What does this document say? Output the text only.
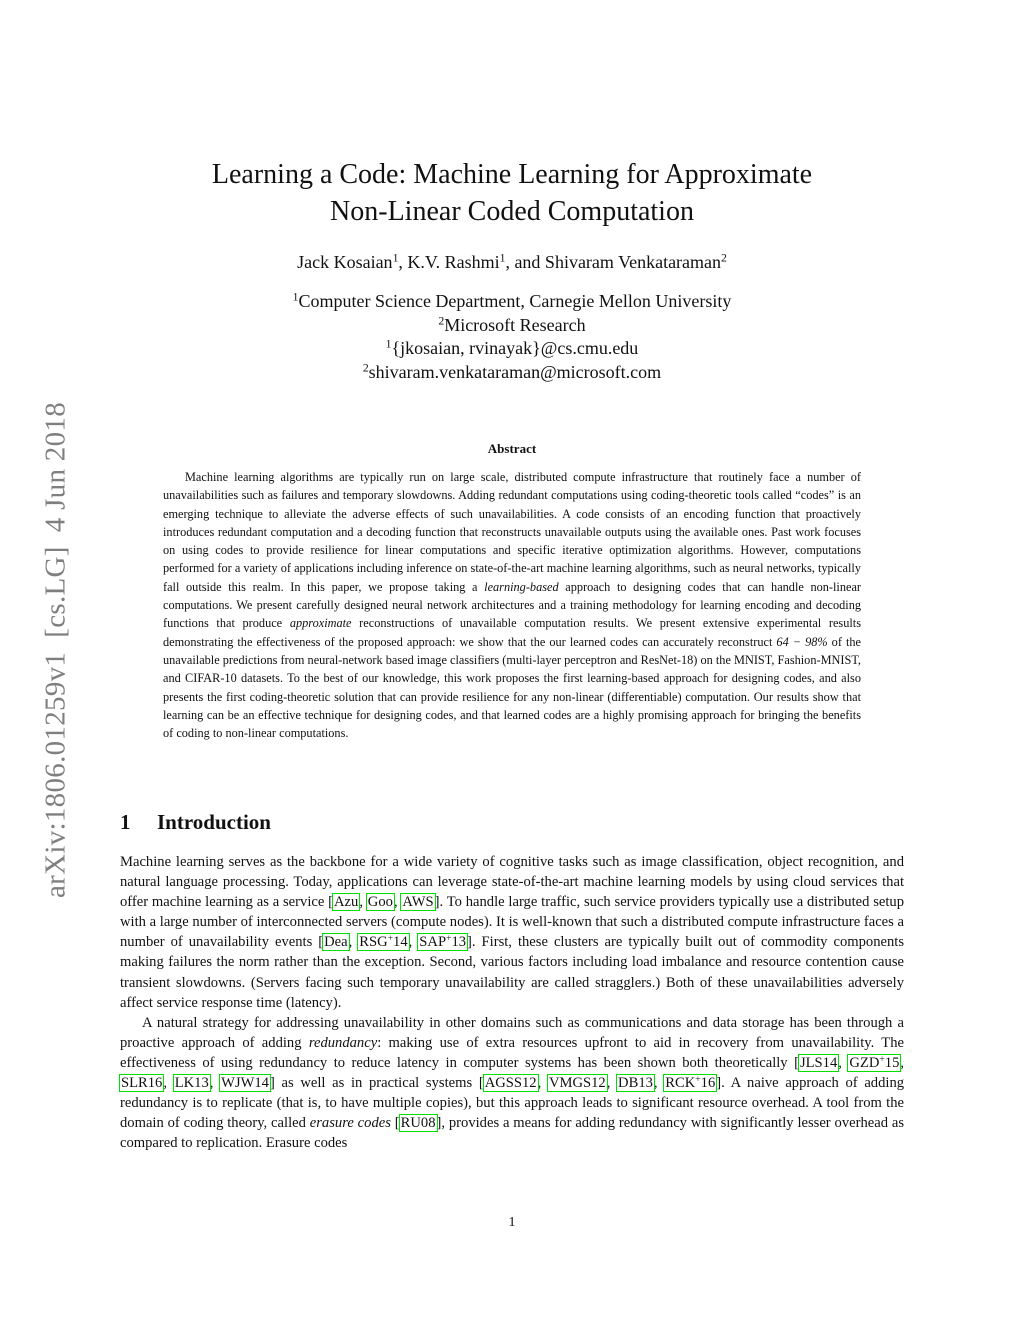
arXiv:1806.01259v1[cs.LG]4 Jun 2018
Learning a Code: Machine Learning for Approximate
Non-Linear Coded Computation
Jack Kosaian$^1$, K.V. Rashmi$^1$, and Shivaram Venkataraman$^2$
$^1$Computer Science Department, Carnegie Mellon University
$^2$Microsoft Research
$^1${jkosaian, rvinayak}@cs.cmu.edu
$^2$shivaram.venkataraman@microsoft.com
Abstract

Machine learning algorithms are typically run on large scale, distributed compute infrastructure that routinely face a number of unavailabilities such as failures and temporary slowdowns. Adding redundant computations using coding-theoretic tools called “codes” is an emerging technique to alleviate the adverse effects of such unavailabilities. A code consists of an encoding function that proactively introduces redundant computation and a decoding function that reconstructs unavailable outputs using the available ones. Past work focuses on using codes to provide resilience for linear computations and specific iterative optimization algorithms. However, computations performed for a variety of applications including inference on state-of-the-art machine learning algorithms, such as neural networks, typically fall outside this realm. In this paper, we propose taking a learning-based approach to designing codes that can handle non-linear computations. We present carefully designed neural network architectures and a training methodology for learning encoding and decoding functions that produce approximate reconstructions of unavailable computation results. We present extensive experimental results demonstrating the effectiveness of the proposed approach: we show that the our learned codes can accurately reconstruct 64 − 98% of the unavailable predictions from neural-network based image classifiers (multi-layer perceptron and ResNet-18) on the MNIST, Fashion-MNIST, and CIFAR-10 datasets. To the best of our knowledge, this work proposes the first learning-based approach for designing codes, and also presents the first coding-theoretic solution that can provide resilience for any non-linear (differentiable) computation. Our results show that learning can be an effective technique for designing codes, and that learned codes are a highly promising approach for bringing the benefits of coding to non-linear computations.

1 Introduction

Machine learning serves as the backbone for a wide variety of cognitive tasks such as image classification, object recognition, and natural language processing. Today, applications can leverage state-of-the-art machine learning models by using cloud services that offer machine learning as a service [Azu, Goo, AWS]. To handle large traffic, such service providers typically use a distributed setup with a large number of interconnected servers (compute nodes). It is well-known that such a distributed compute infrastructure faces a number of unavailability events [Dea, RSG+14, SAP+13]. First, these clusters are typically built out of commodity components making failures the norm rather than the exception. Second, various factors including load imbalance and resource contention cause transient slowdowns. (Servers facing such temporary unavailability are called stragglers.) Both of these unavailabilities adversely affect service response time (latency).

A natural strategy for addressing unavailability in other domains such as communications and data storage has been through a proactive approach of adding redundancy: making use of extra resources upfront to aid in recovery from unavailability. The effectiveness of using redundancy to reduce latency in computer systems has been shown both theoretically [JLS14, GZD+15, SLR16, LK13, WJW14] as well as in practical systems [AGSS12, VMGS12, DB13, RCK+16]. A naive approach of adding redundancy is to replicate (that is, to have multiple copies), but this approach leads to significant resource overhead. A tool from the domain of coding theory, called erasure codes [RU08], provides a means for adding redundancy with significantly lesser overhead as compared to replication. Erasure codes

1
